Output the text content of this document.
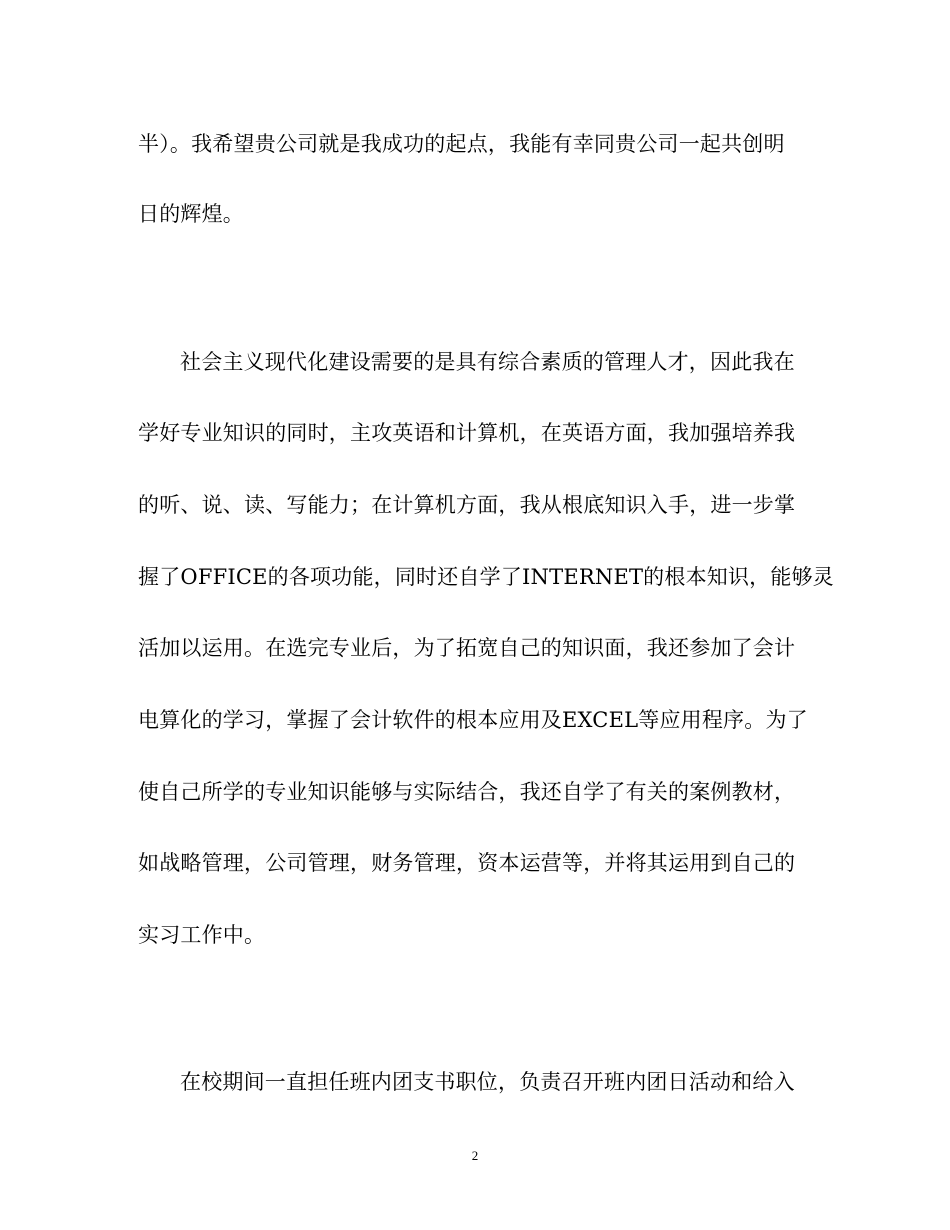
半）。我希望贵公司就是我成功的起点，我能有幸同贵公司一起共创明
日的辉煌。
社会主义现代化建设需要的是具有综合素质的管理人才，因此我在
学好专业知识的同时，主攻英语和计算机，在英语方面，我加强培养我
的听、说、读、写能力；在计算机方面，我从根底知识入手，进一步掌
握了OFFICE的各项功能，同时还自学了INTERNET的根本知识，能够灵
活加以运用。在选完专业后，为了拓宽自己的知识面，我还参加了会计
电算化的学习，掌握了会计软件的根本应用及EXCEL等应用程序。为了
使自己所学的专业知识能够与实际结合，我还自学了有关的案例教材，
如战略管理，公司管理，财务管理，资本运营等，并将其运用到自己的
实习工作中。
在校期间一直担任班内团支书职位，负责召开班内团日活动和给入
2
